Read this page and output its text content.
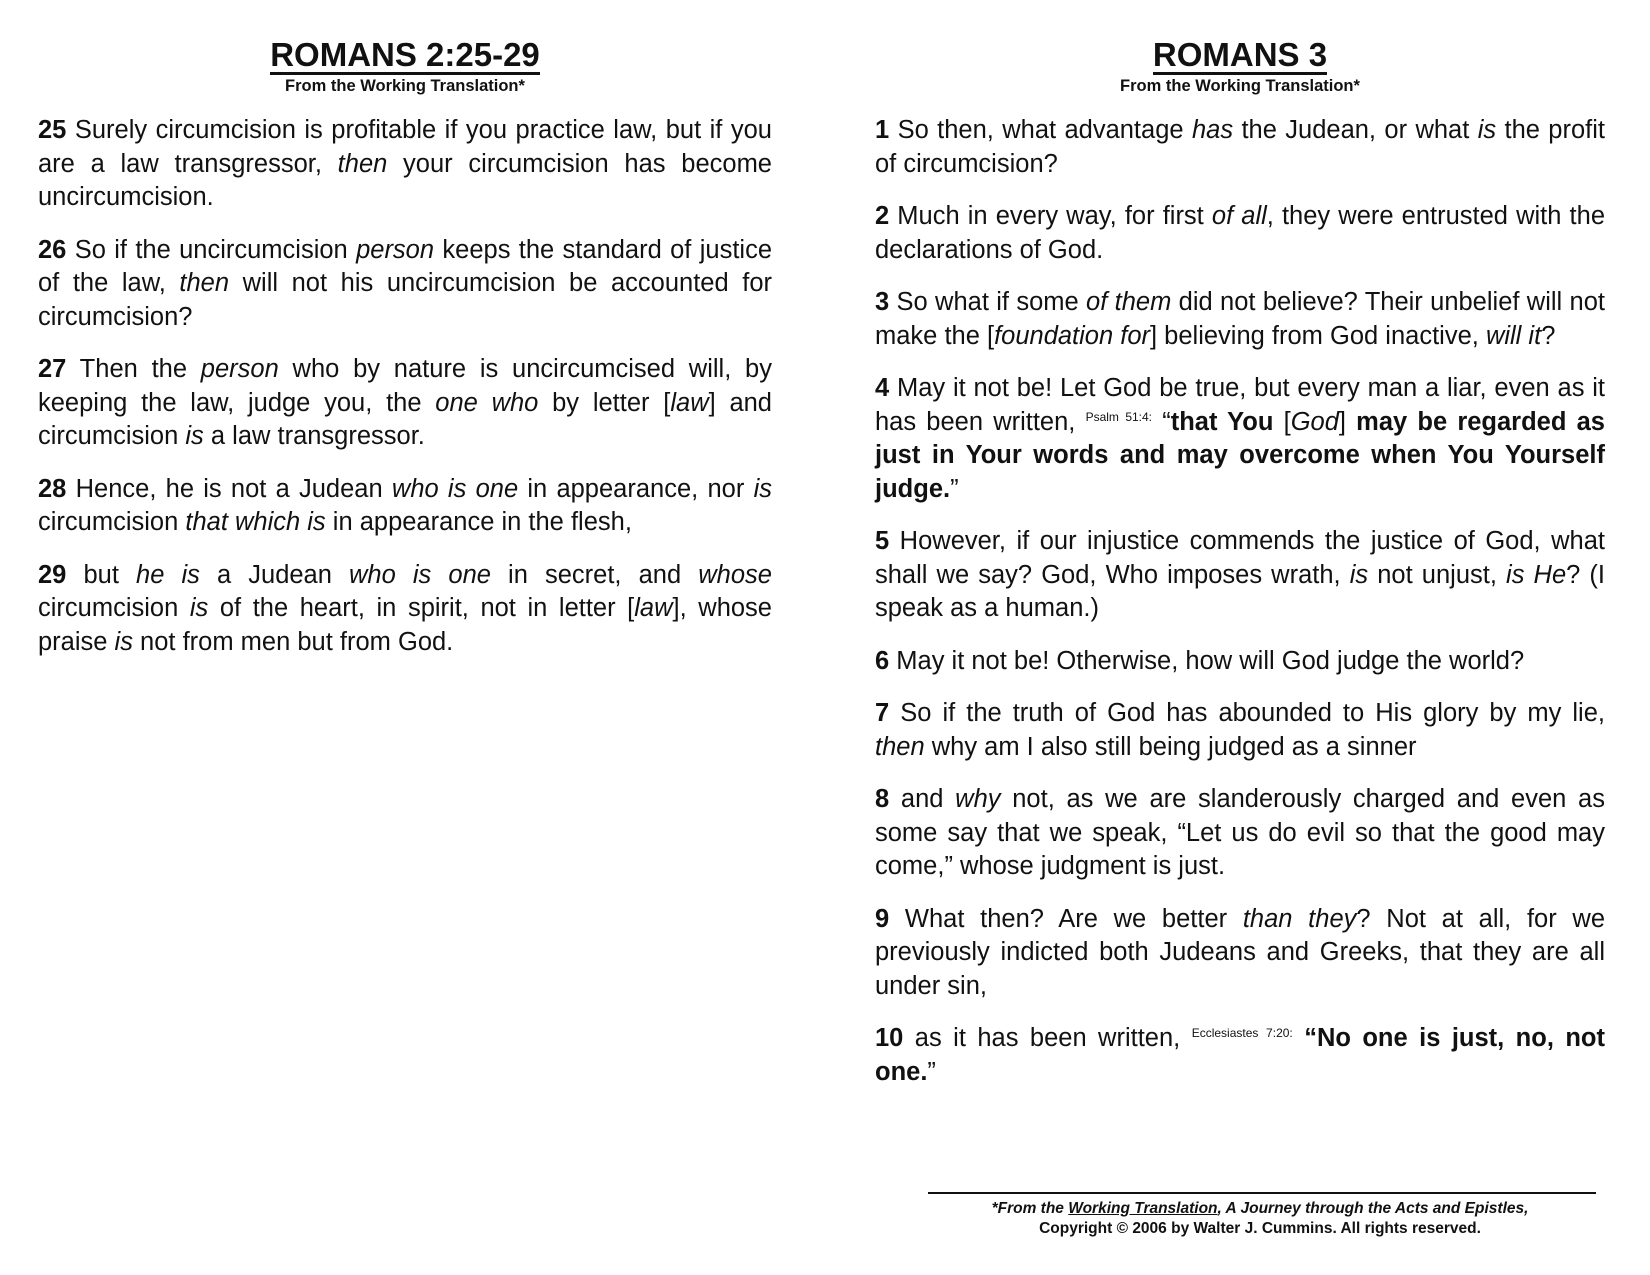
ROMANS 2:25-29
From the Working Translation*

25 Surely circumcision is profitable if you practice law, but if you are a law transgressor, then your circumcision has become uncircumcision.

26 So if the uncircumcision person keeps the standard of justice of the law, then will not his uncircumcision be accounted for circumcision?

27 Then the person who by nature is uncircumcised will, by keeping the law, judge you, the one who by letter [law] and circumcision is a law transgressor.

28 Hence, he is not a Judean who is one in appearance, nor is circumcision that which is in appearance in the flesh,

29 but he is a Judean who is one in secret, and whose circumcision is of the heart, in spirit, not in letter [law], whose praise is not from men but from God.

ROMANS 3
From the Working Translation*

1 So then, what advantage has the Judean, or what is the profit of circumcision?

2 Much in every way, for first of all, they were entrusted with the declarations of God.

3 So what if some of them did not believe? Their unbelief will not make the [foundation for] believing from God inactive, will it?

4 May it not be! Let God be true, but every man a liar, even as it has been written, $^{Psalm 51:4:}$ “that You [God] may be regarded as just in Your words and may overcome when You Yourself judge.”

5 However, if our injustice commends the justice of God, what shall we say? God, Who imposes wrath, is not unjust, is He? (I speak as a human.)

6 May it not be! Otherwise, how will God judge the world?

7 So if the truth of God has abounded to His glory by my lie, then why am I also still being judged as a sinner

8 and why not, as we are slanderously charged and even as some say that we speak, “Let us do evil so that the good may come,” whose judgment is just.

9 What then? Are we better than they? Not at all, for we previously indicted both Judeans and Greeks, that they are all under sin,

10 as it has been written, $^{Ecclesiastes 7:20:}$ “No one is just, no, not one.”

*From the Working Translation, A Journey through the Acts and Epistles,
Copyright © 2006 by Walter J. Cummins. All rights reserved.
